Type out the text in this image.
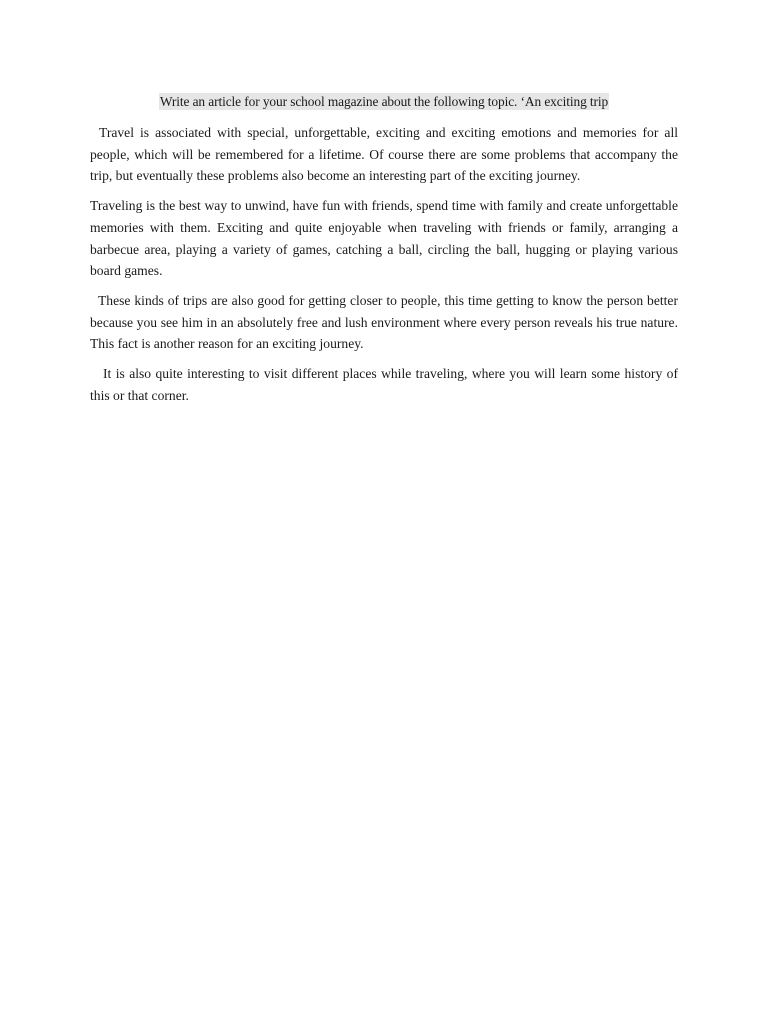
Write an article for your school magazine about the following topic. ‘An exciting trip

Travel is associated with special, unforgettable, exciting and exciting emotions and memories for all people, which will be remembered for a lifetime. Of course there are some problems that accompany the trip, but eventually these problems also become an interesting part of the exciting journey.

Traveling is the best way to unwind, have fun with friends, spend time with family and create unforgettable memories with them. Exciting and quite enjoyable when traveling with friends or family, arranging a barbecue area, playing a variety of games, catching a ball, circling the ball, hugging or playing various board games.

These kinds of trips are also good for getting closer to people, this time getting to know the person better because you see him in an absolutely free and lush environment where every person reveals his true nature. This fact is another reason for an exciting journey.

It is also quite interesting to visit different places while traveling, where you will learn some history of this or that corner.
